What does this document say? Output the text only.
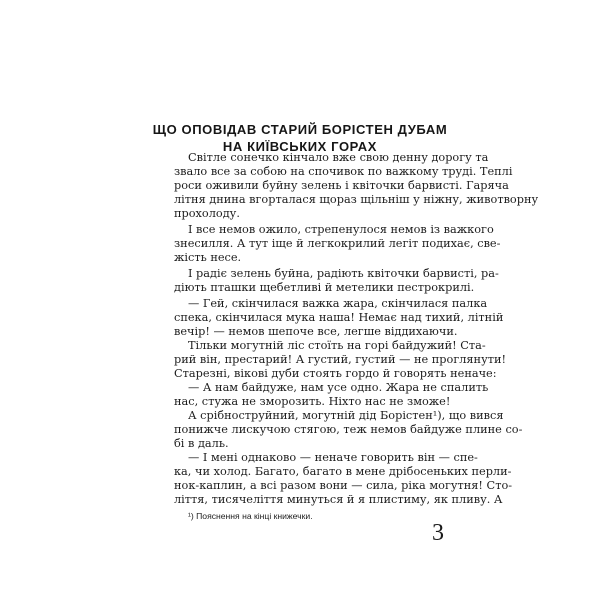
ЩО ОПОВІДАВ СТАРИЙ БОРІСТЕН ДУБАМ
НА КИЇВСЬКИХ ГОРАХ
Світле сонечко кінчало вже свою денну дорогу та
звало все за собою на спочивок по важкому труді. Теплі
роси оживили буйну зелень і квіточки барвисті. Гаряча
літня днина вгорталася щораз щільніш у ніжну, животворну
прохолоду.
І все немов ожило, стрепенулося немов із важкого
знесилля. А тут іще й легкокрилий легіт подихає, све-
жість несе.
І радіє зелень буйна, радіють квіточки барвисті, ра-
діють пташки щебетливі й метелики пестрокрилі.
— Гей, скінчилася важка жара, скінчилася палка
спека, скінчилася мука наша! Немає над тихий, літній
вечір! — немов шепоче все, легше віддихаючи.
Тільки могутній ліс стоїть на горі байдужий! Ста-
рий він, престарий! А густий, густий — не проглянути!
Старезні, вікові дуби стоять гордо й говорять неначе:
— А нам байдуже, нам усе одно. Жара не спалить
нас, стужа не зморозить. Ніхто нас не зможе!
А срібноструйний, могутній дід Борістен¹), що вився
понижче лискучою стягою, теж немов байдуже плине со-
бі в даль.
— І мені однаково — неначе говорить він — спе-
ка, чи холод. Багато, багато в мене дрібосеньких перли-
нок-каплин, а всі разом вони — сила, ріка могутня! Сто-
¹) Пояснення на кінці книжечки.
3
ліття, тисячеліття минуться й я плистиму, як пливу. А
